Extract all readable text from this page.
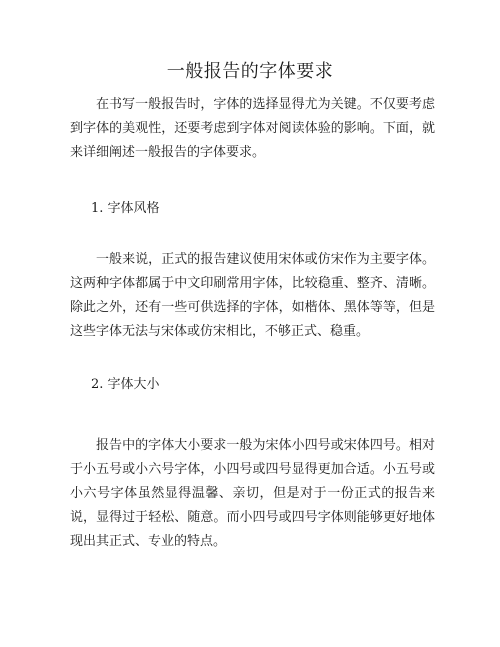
一般报告的字体要求

在书写一般报告时，字体的选择显得尤为关键。不仅要考虑到字体的美观性，还要考虑到字体对阅读体验的影响。下面，就来详细阐述一般报告的字体要求。

1. 字体风格

一般来说，正式的报告建议使用宋体或仿宋作为主要字体。这两种字体都属于中文印刷常用字体，比较稳重、整齐、清晰。除此之外，还有一些可供选择的字体，如楷体、黑体等等，但是这些字体无法与宋体或仿宋相比，不够正式、稳重。

2. 字体大小

报告中的字体大小要求一般为宋体小四号或宋体四号。相对于小五号或小六号字体，小四号或四号显得更加合适。小五号或小六号字体虽然显得温馨、亲切，但是对于一份正式的报告来说，显得过于轻松、随意。而小四号或四号字体则能够更好地体现出其正式、专业的特点。
